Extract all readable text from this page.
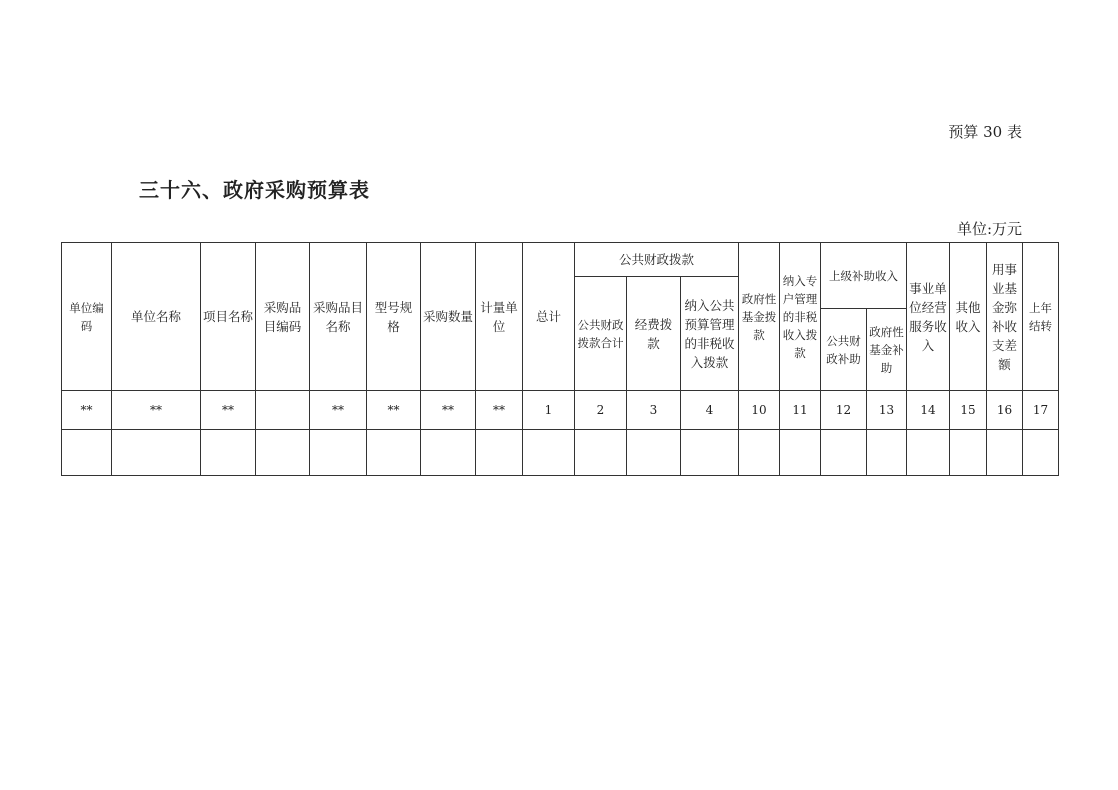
预算 30 表
三十六、政府采购预算表
单位:万元
单位编码	单位名称	项目名称	采购品目编码	采购品目名称	型号规格	采购数量	计量单位	总计	公共财政拨款			政府性基金拨款	纳入专户管理的非税收入拨款	上级补助收入		事业单位经营服务收入	其他收入	用事业基金弥补收支差额	上年结转
									公共财政拨款合计	经费拨款	纳入公共预算管理的非税收入拨款								
														公共财政补助	政府性基金补助				
**	**	**		**	**	**	**	1	2	3	4	10	11	12	13	14	15	16	17
